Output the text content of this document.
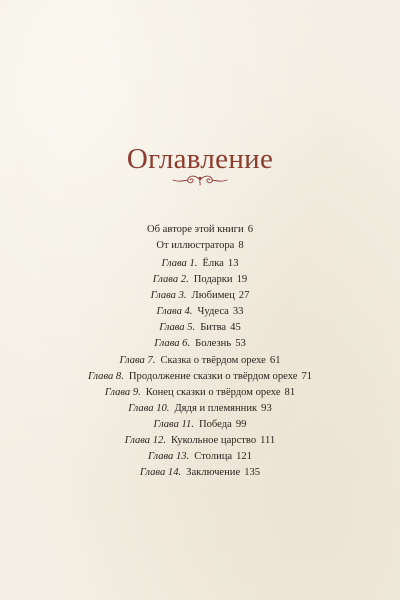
Оглавление
Об авторе этой книги 6
От иллюстратора 8
Глава 1. Ёлка 13
Глава 2. Подарки 19
Глава 3. Любимец 27
Глава 4. Чудеса 33
Глава 5. Битва 45
Глава 6. Болезнь 53
Глава 7. Сказка о твёрдом орехе 61
Глава 8. Продолжение сказки о твёрдом орехе 71
Глава 9. Конец сказки о твёрдом орехе 81
Глава 10. Дядя и племянник 93
Глава 11. Победа 99
Глава 12. Кукольное царство 111
Глава 13. Столица 121
Глава 14. Заключение 135
